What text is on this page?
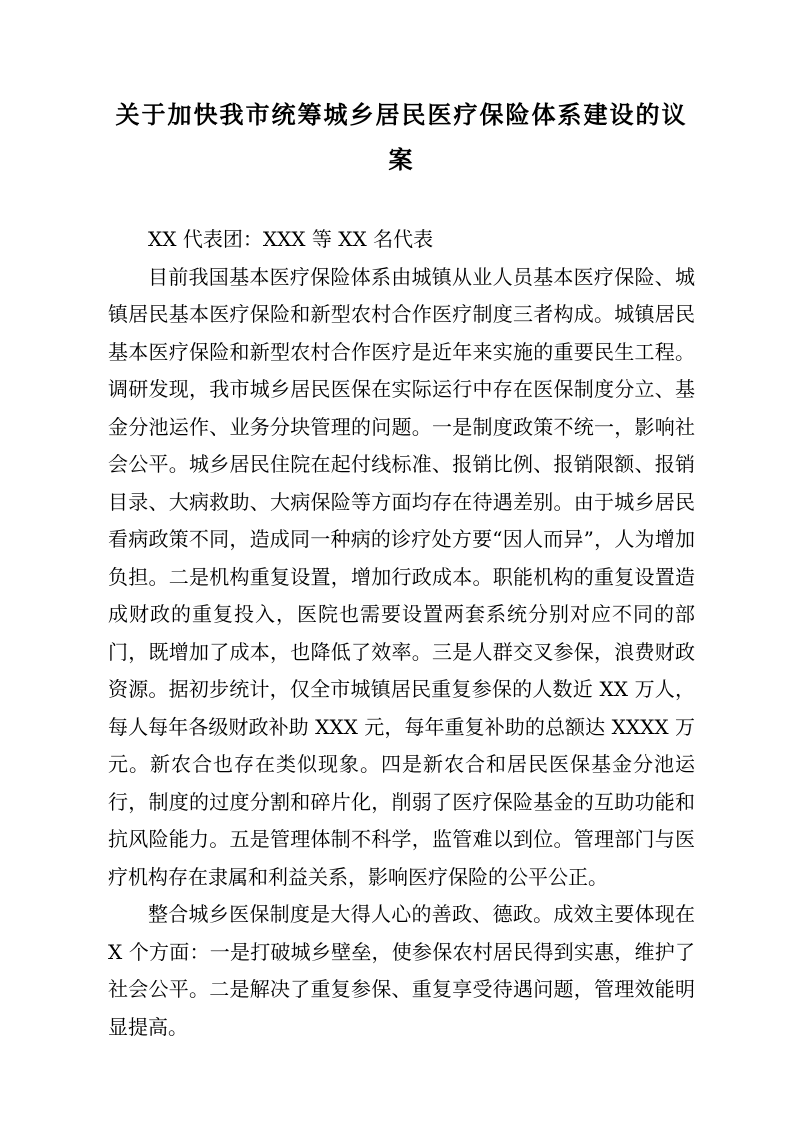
关于加快我市统筹城乡居民医疗保险体系建设的议
案

XX 代表团：XXX 等 XX 名代表

目前我国基本医疗保险体系由城镇从业人员基本医疗保险、城镇居民基本医疗保险和新型农村合作医疗制度三者构成。城镇居民基本医疗保险和新型农村合作医疗是近年来实施的重要民生工程。调研发现，我市城乡居民医保在实际运行中存在医保制度分立、基金分池运作、业务分块管理的问题。一是制度政策不统一，影响社会公平。城乡居民住院在起付线标准、报销比例、报销限额、报销目录、大病救助、大病保险等方面均存在待遇差别。由于城乡居民看病政策不同，造成同一种病的诊疗处方要“因人而异”，人为增加负担。二是机构重复设置，增加行政成本。职能机构的重复设置造成财政的重复投入，医院也需要设置两套系统分别对应不同的部门，既增加了成本，也降低了效率。三是人群交叉参保，浪费财政资源。据初步统计，仅全市城镇居民重复参保的人数近 XX 万人，每人每年各级财政补助 XXX 元，每年重复补助的总额达 XXXX 万元。新农合也存在类似现象。四是新农合和居民医保基金分池运行，制度的过度分割和碎片化，削弱了医疗保险基金的互助功能和抗风险能力。五是管理体制不科学，监管难以到位。管理部门与医疗机构存在隶属和利益关系，影响医疗保险的公平公正。

整合城乡医保制度是大得人心的善政、德政。成效主要体现在 X 个方面：一是打破城乡壁垒，使参保农村居民得到实惠，维护了社会公平。二是解决了重复参保、重复享受待遇问题，管理效能明显提高。
